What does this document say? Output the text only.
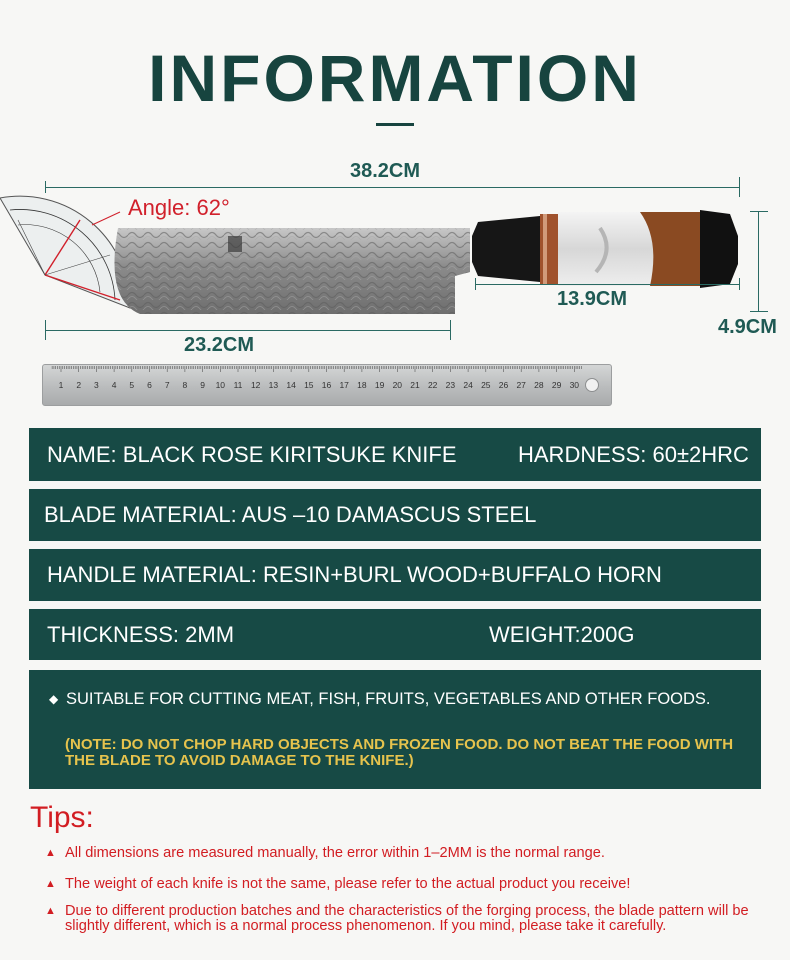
INFORMATION
38.2CM
Angle: 62°
13.9CM
4.9CM
23.2CM
1 2 3 4 5 6 7 8 9 10 11 12 13 14 15 16 17 18 19 20 21 22 23 24 25 26 27 28 29 30
NAME: BLACK ROSE KIRITSUKE KNIFE	HARDNESS: 60±2HRC
BLADE MATERIAL: AUS –10 DAMASCUS STEEL
HANDLE MATERIAL: RESIN+BURL WOOD+BUFFALO HORN
THICKNESS: 2MM	WEIGHT:200G
◆ SUITABLE FOR CUTTING MEAT, FISH, FRUITS, VEGETABLES AND OTHER FOODS.
(NOTE: DO NOT CHOP HARD OBJECTS AND FROZEN FOOD. DO NOT BEAT THE FOOD WITH THE BLADE TO AVOID DAMAGE TO THE KNIFE.)
Tips:
▲ All dimensions are measured manually, the error within 1–2MM is the normal range.
▲ The weight of each knife is not the same, please refer to the actual product you receive!
▲ Due to different production batches and the characteristics of the forging process, the blade pattern will be slightly different, which is a normal process phenomenon. If you mind, please take it carefully.
